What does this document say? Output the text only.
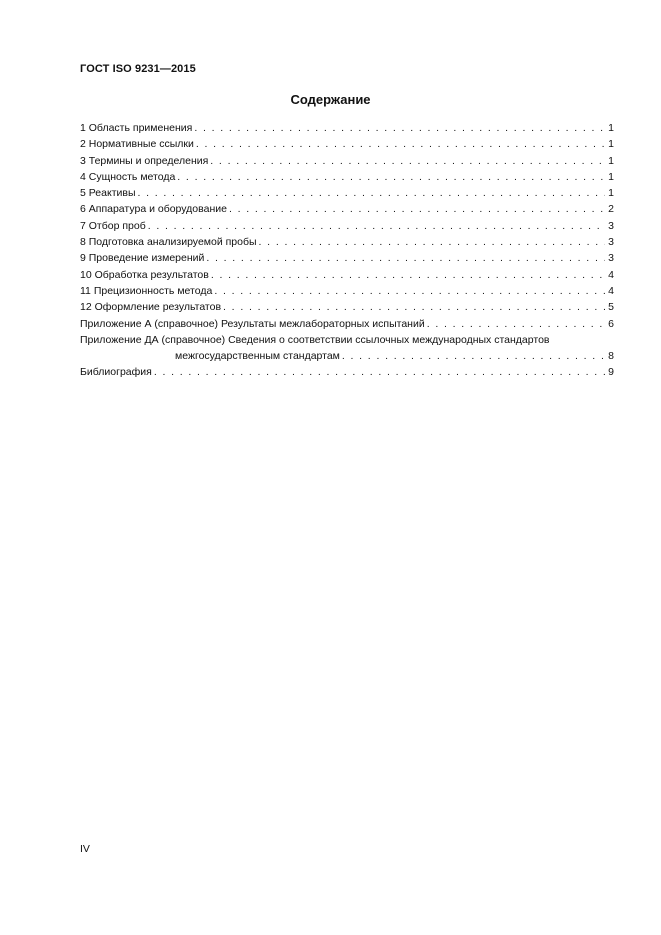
ГОСТ ISO 9231—2015
Содержание
1 Область применения . . .	1
2 Нормативные ссылки . . .	1
3 Термины и определения . . .	1
4 Сущность метода . . .	1
5 Реактивы . . .	1
6 Аппаратура и оборудование . . .	2
7 Отбор проб . . .	3
8 Подготовка анализируемой пробы . . .	3
9 Проведение измерений . . .	3
10 Обработка результатов . . .	4
11 Прецизионность метода . . .	4
12 Оформление результатов . . .	5
Приложение А (справочное) Результаты межлабораторных испытаний . . .	6
Приложение ДА (справочное) Сведения о соответствии ссылочных международных стандартов
межгосударственным стандартам . . .	8
Библиография . . .	9
IV
